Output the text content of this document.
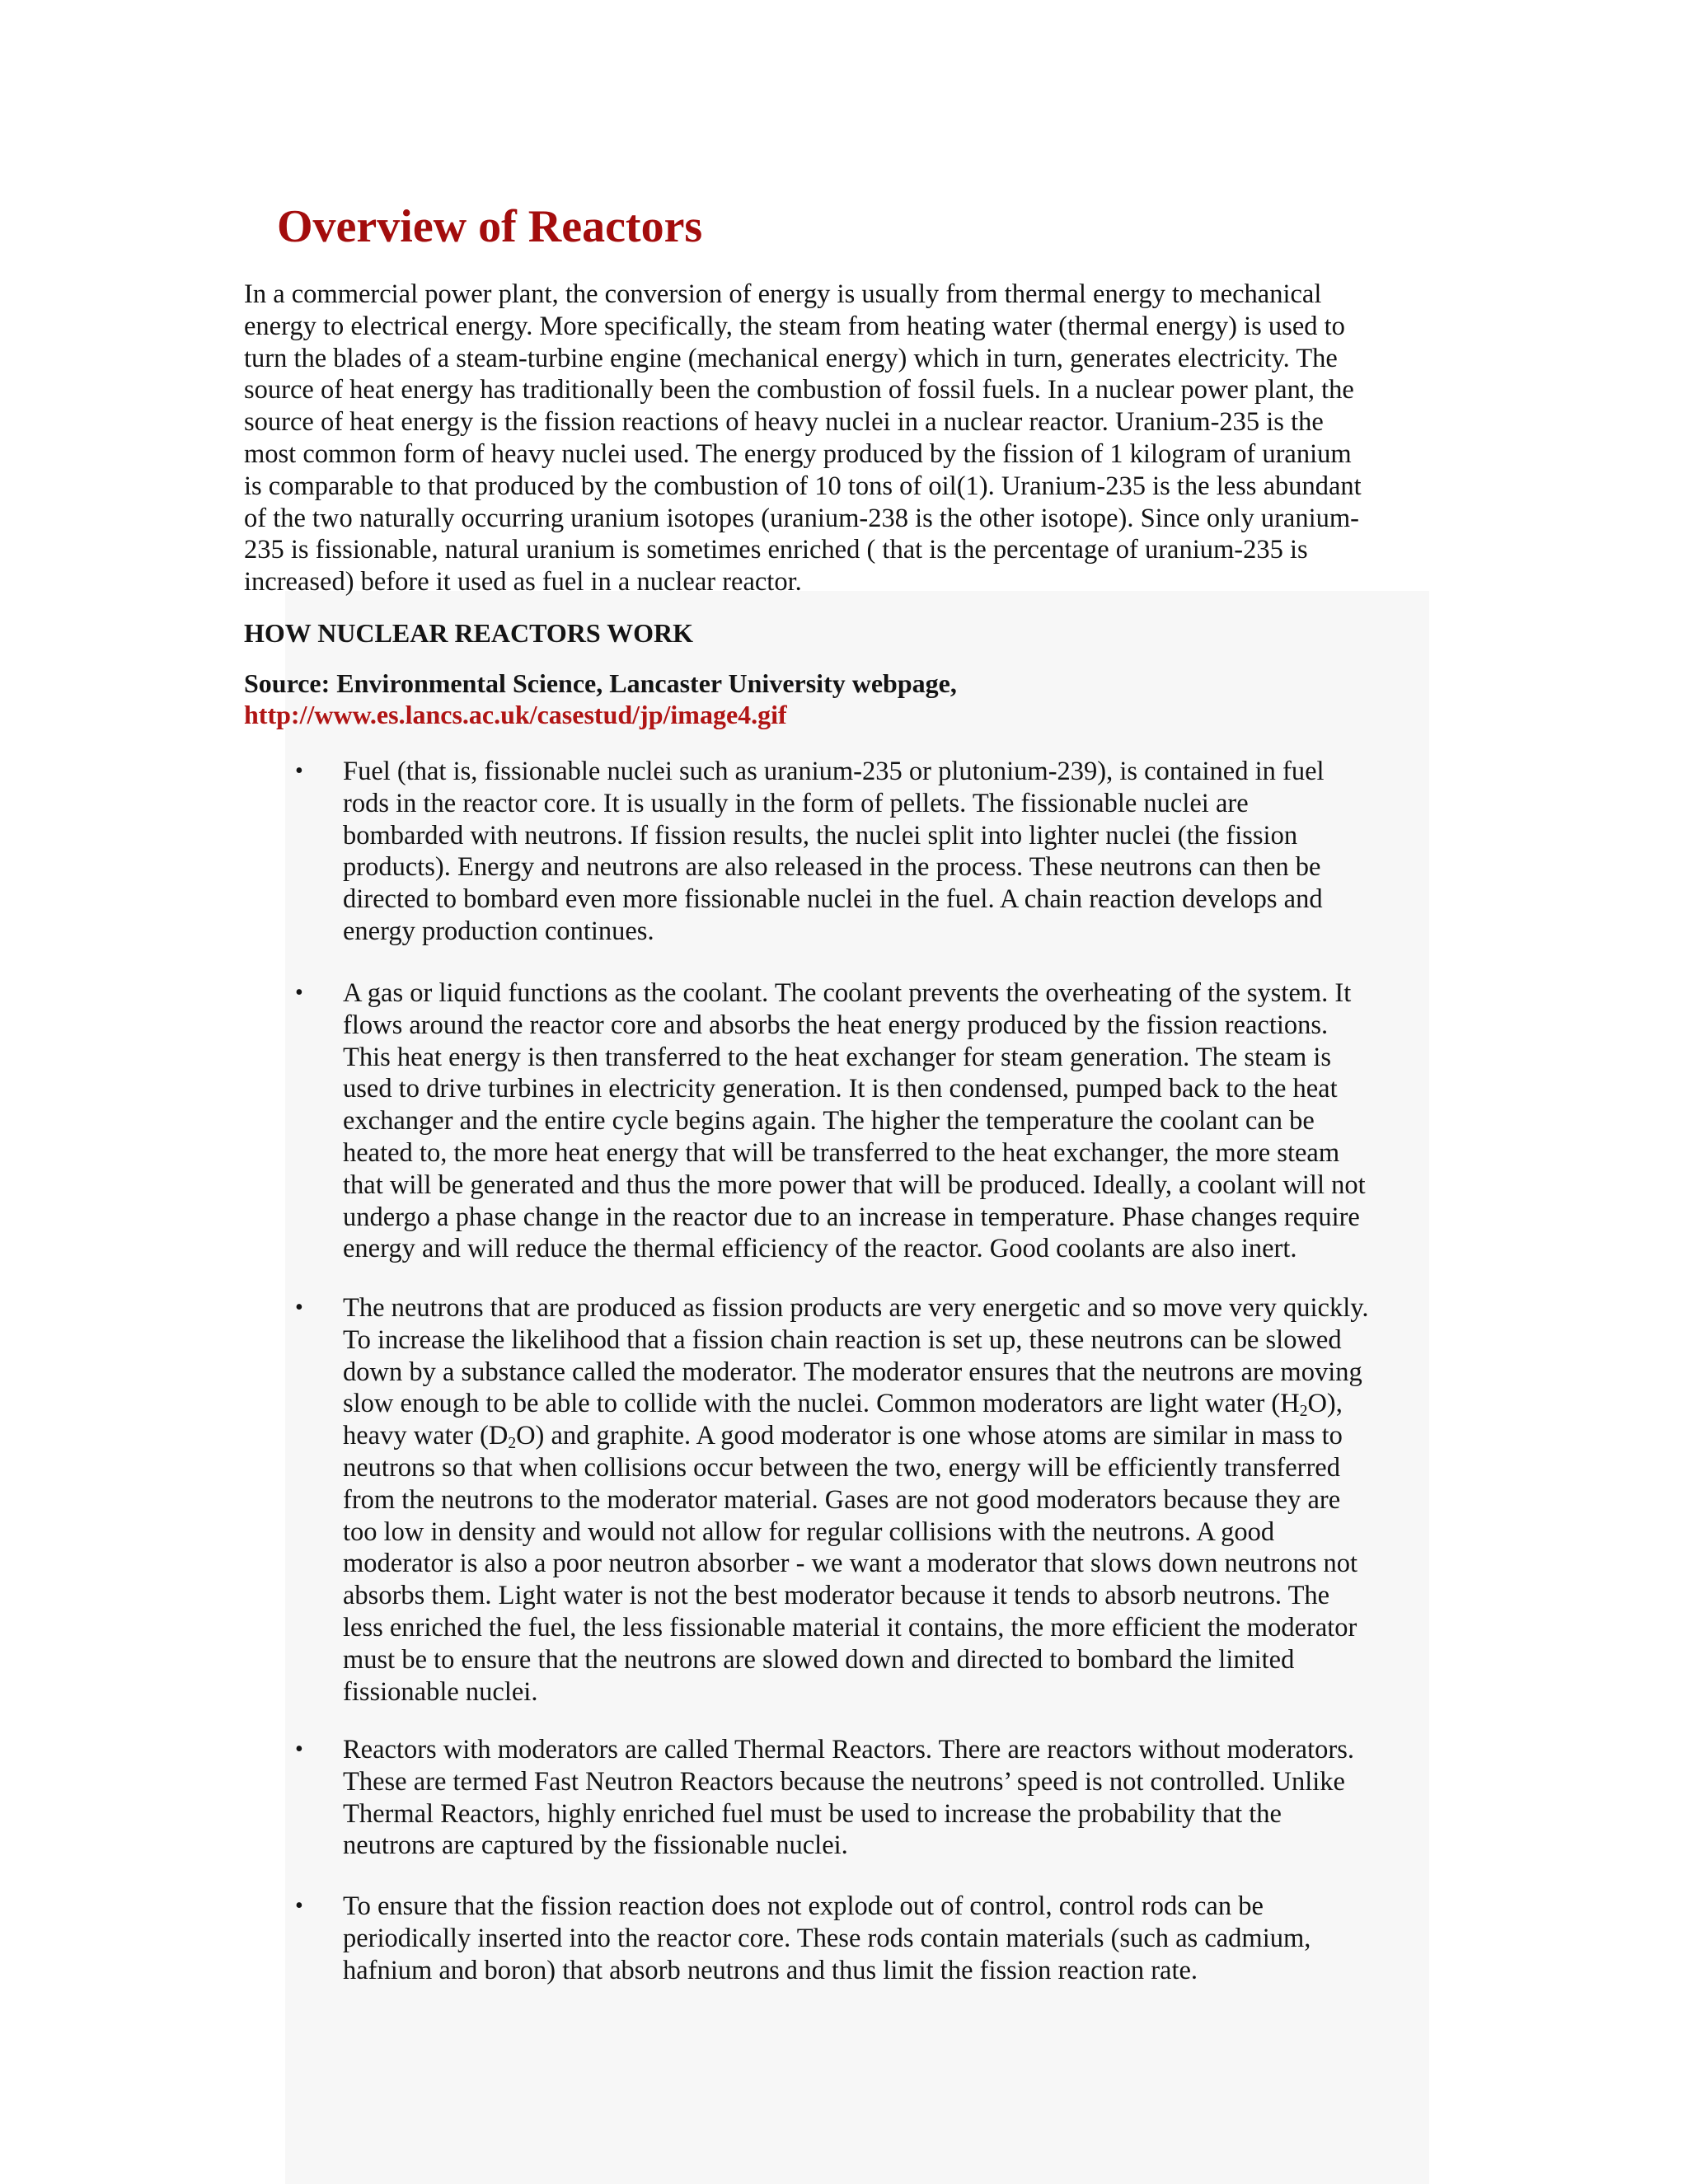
Overview of Reactors

In a commercial power plant, the conversion of energy is usually from thermal energy to mechanical
energy to electrical energy. More specifically, the steam from heating water (thermal energy) is used to
turn the blades of a steam-turbine engine (mechanical energy) which in turn, generates electricity. The
source of heat energy has traditionally been the combustion of fossil fuels. In a nuclear power plant, the
source of heat energy is the fission reactions of heavy nuclei in a nuclear reactor. Uranium-235 is the
most common form of heavy nuclei used. The energy produced by the fission of 1 kilogram of uranium
is comparable to that produced by the combustion of 10 tons of oil(1). Uranium-235 is the less abundant
of the two naturally occurring uranium isotopes (uranium-238 is the other isotope). Since only uranium-
235 is fissionable, natural uranium is sometimes enriched ( that is the percentage of uranium-235 is
increased) before it used as fuel in a nuclear reactor.

HOW NUCLEAR REACTORS WORK

Source: Environmental Science, Lancaster University webpage,
http://www.es.lancs.ac.uk/casestud/jp/image4.gif

• Fuel (that is, fissionable nuclei such as uranium-235 or plutonium-239), is contained in fuel
rods in the reactor core. It is usually in the form of pellets. The fissionable nuclei are
bombarded with neutrons. If fission results, the nuclei split into lighter nuclei (the fission
products). Energy and neutrons are also released in the process. These neutrons can then be
directed to bombard even more fissionable nuclei in the fuel. A chain reaction develops and
energy production continues.

• A gas or liquid functions as the coolant. The coolant prevents the overheating of the system. It
flows around the reactor core and absorbs the heat energy produced by the fission reactions.
This heat energy is then transferred to the heat exchanger for steam generation. The steam is
used to drive turbines in electricity generation. It is then condensed, pumped back to the heat
exchanger and the entire cycle begins again. The higher the temperature the coolant can be
heated to, the more heat energy that will be transferred to the heat exchanger, the more steam
that will be generated and thus the more power that will be produced. Ideally, a coolant will not
undergo a phase change in the reactor due to an increase in temperature. Phase changes require
energy and will reduce the thermal efficiency of the reactor. Good coolants are also inert.

• The neutrons that are produced as fission products are very energetic and so move very quickly.
To increase the likelihood that a fission chain reaction is set up, these neutrons can be slowed
down by a substance called the moderator. The moderator ensures that the neutrons are moving
slow enough to be able to collide with the nuclei. Common moderators are light water $(H_2O)$,
heavy water $(D_2O)$ and graphite. A good moderator is one whose atoms are similar in mass to
neutrons so that when collisions occur between the two, energy will be efficiently transferred
from the neutrons to the moderator material. Gases are not good moderators because they are
too low in density and would not allow for regular collisions with the neutrons. A good
moderator is also a poor neutron absorber - we want a moderator that slows down neutrons not
absorbs them. Light water is not the best moderator because it tends to absorb neutrons. The
less enriched the fuel, the less fissionable material it contains, the more efficient the moderator
must be to ensure that the neutrons are slowed down and directed to bombard the limited
fissionable nuclei.

• Reactors with moderators are called Thermal Reactors. There are reactors without moderators.
These are termed Fast Neutron Reactors because the neutrons’ speed is not controlled. Unlike
Thermal Reactors, highly enriched fuel must be used to increase the probability that the
neutrons are captured by the fissionable nuclei.

• To ensure that the fission reaction does not explode out of control, control rods can be
periodically inserted into the reactor core. These rods contain materials (such as cadmium,
hafnium and boron) that absorb neutrons and thus limit the fission reaction rate.
